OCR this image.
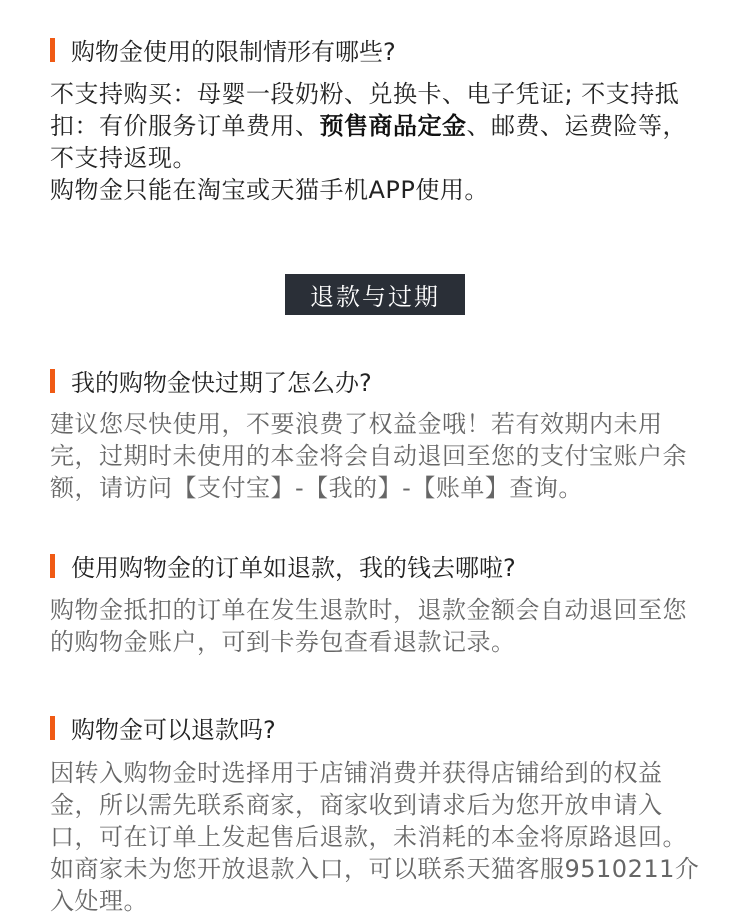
购物金使用的限制情形有哪些?
不支持购买：母婴一段奶粉、兑换卡、电子凭证; 不支持抵扣：有价服务订单费用、预售商品定金、邮费、运费险等，不支持返现。
购物金只能在淘宝或天猫手机APP使用。
退款与过期
我的购物金快过期了怎么办?
建议您尽快使用，不要浪费了权益金哦！若有效期内未用完，过期时未使用的本金将会自动退回至您的支付宝账户余额，请访问【支付宝】-【我的】-【账单】查询。
使用购物金的订单如退款，我的钱去哪啦?
购物金抵扣的订单在发生退款时，退款金额会自动退回至您的购物金账户，可到卡券包查看退款记录。
购物金可以退款吗?
因转入购物金时选择用于店铺消费并获得店铺给到的权益金，所以需先联系商家，商家收到请求后为您开放申请入口，可在订单上发起售后退款，未消耗的本金将原路退回。如商家未为您开放退款入口，可以联系天猫客服9510211介入处理。
